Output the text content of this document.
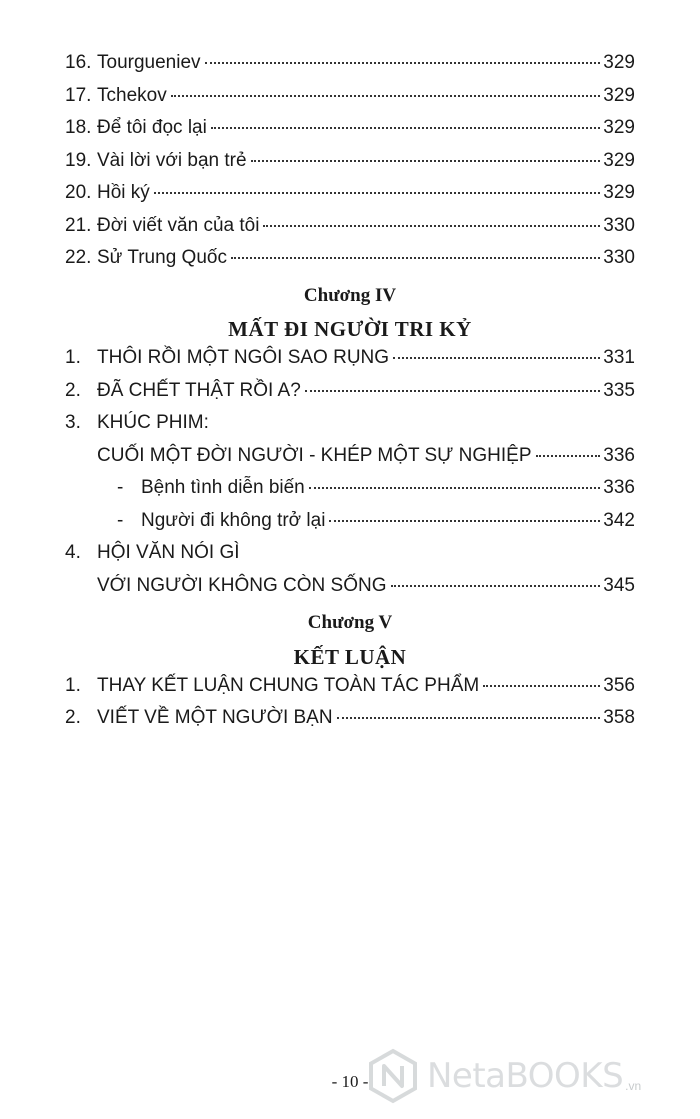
16. Tourgueniev	329
17. Tchekov	329
18. Để tôi đọc lại	329
19. Vài lời với bạn trẻ	329
20. Hồi ký	329
21. Đời viết văn của tôi	330
22. Sử Trung Quốc	330
Chương IV
MẤT ĐI NGƯỜI TRI KỶ
1. THÔI RỒI MỘT NGÔI SAO RỤNG	331
2. ĐÃ CHẾT THẬT RỒI A?	335
3. KHÚC PHIM:
CUỐI MỘT ĐỜI NGƯỜI - KHÉP MỘT SỰ NGHIỆP	336
- Bệnh tình diễn biến	336
- Người đi không trở lại	342
4. HỘI VĂN NÓI GÌ
VỚI NGƯỜI KHÔNG CÒN SỐNG	345
Chương V
KẾT LUẬN
1. THAY KẾT LUẬN CHUNG TOÀN TÁC PHẨM	356
2. VIẾT VỀ MỘT NGƯỜI BẠN	358
- 10 -	NetaBOOKS .vn
